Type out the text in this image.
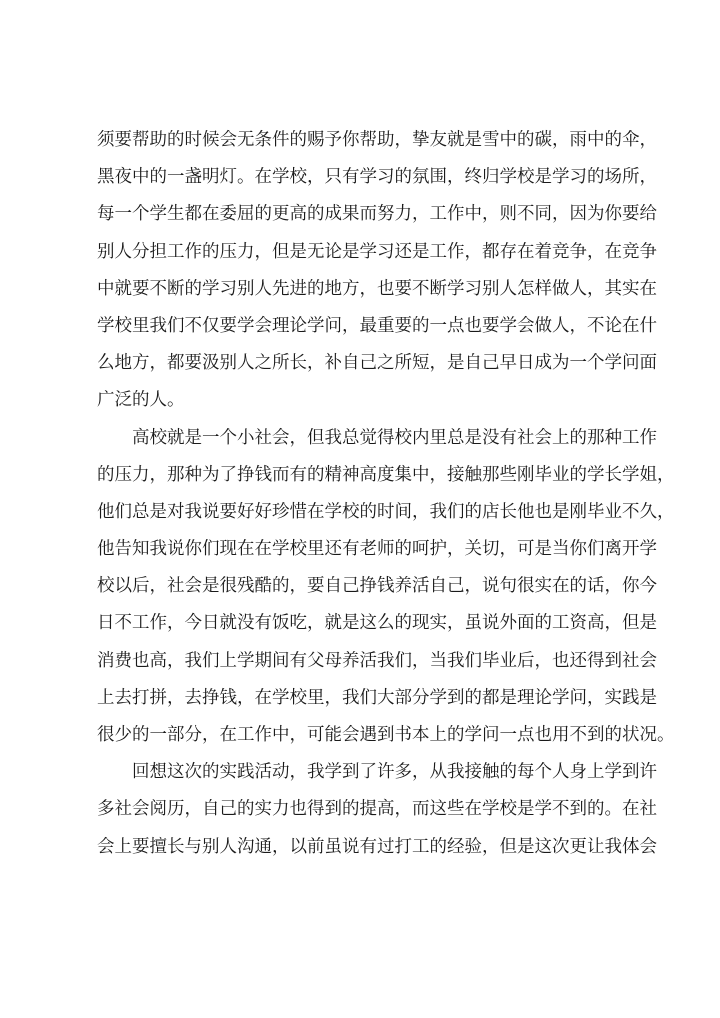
须要帮助的时候会无条件的赐予你帮助，挚友就是雪中的碳，雨中的伞，
黑夜中的一盏明灯。在学校，只有学习的氛围，终归学校是学习的场所，
每一个学生都在委屈的更高的成果而努力，工作中，则不同，因为你要给
别人分担工作的压力，但是无论是学习还是工作，都存在着竞争，在竞争
中就要不断的学习别人先进的地方，也要不断学习别人怎样做人，其实在
学校里我们不仅要学会理论学问，最重要的一点也要学会做人，不论在什
么地方，都要汲别人之所长，补自己之所短，是自己早日成为一个学问面
广泛的人。
高校就是一个小社会，但我总觉得校内里总是没有社会上的那种工作
的压力，那种为了挣钱而有的精神高度集中，接触那些刚毕业的学长学姐，
他们总是对我说要好好珍惜在学校的时间，我们的店长他也是刚毕业不久，
他告知我说你们现在在学校里还有老师的呵护，关切，可是当你们离开学
校以后，社会是很残酷的，要自己挣钱养活自己，说句很实在的话，你今
日不工作，今日就没有饭吃，就是这么的现实，虽说外面的工资高，但是
消费也高，我们上学期间有父母养活我们，当我们毕业后，也还得到社会
上去打拼，去挣钱，在学校里，我们大部分学到的都是理论学问，实践是
很少的一部分，在工作中，可能会遇到书本上的学问一点也用不到的状况。
回想这次的实践活动，我学到了许多，从我接触的每个人身上学到许
多社会阅历，自己的实力也得到的提高，而这些在学校是学不到的。在社
会上要擅长与别人沟通，以前虽说有过打工的经验，但是这次更让我体会
